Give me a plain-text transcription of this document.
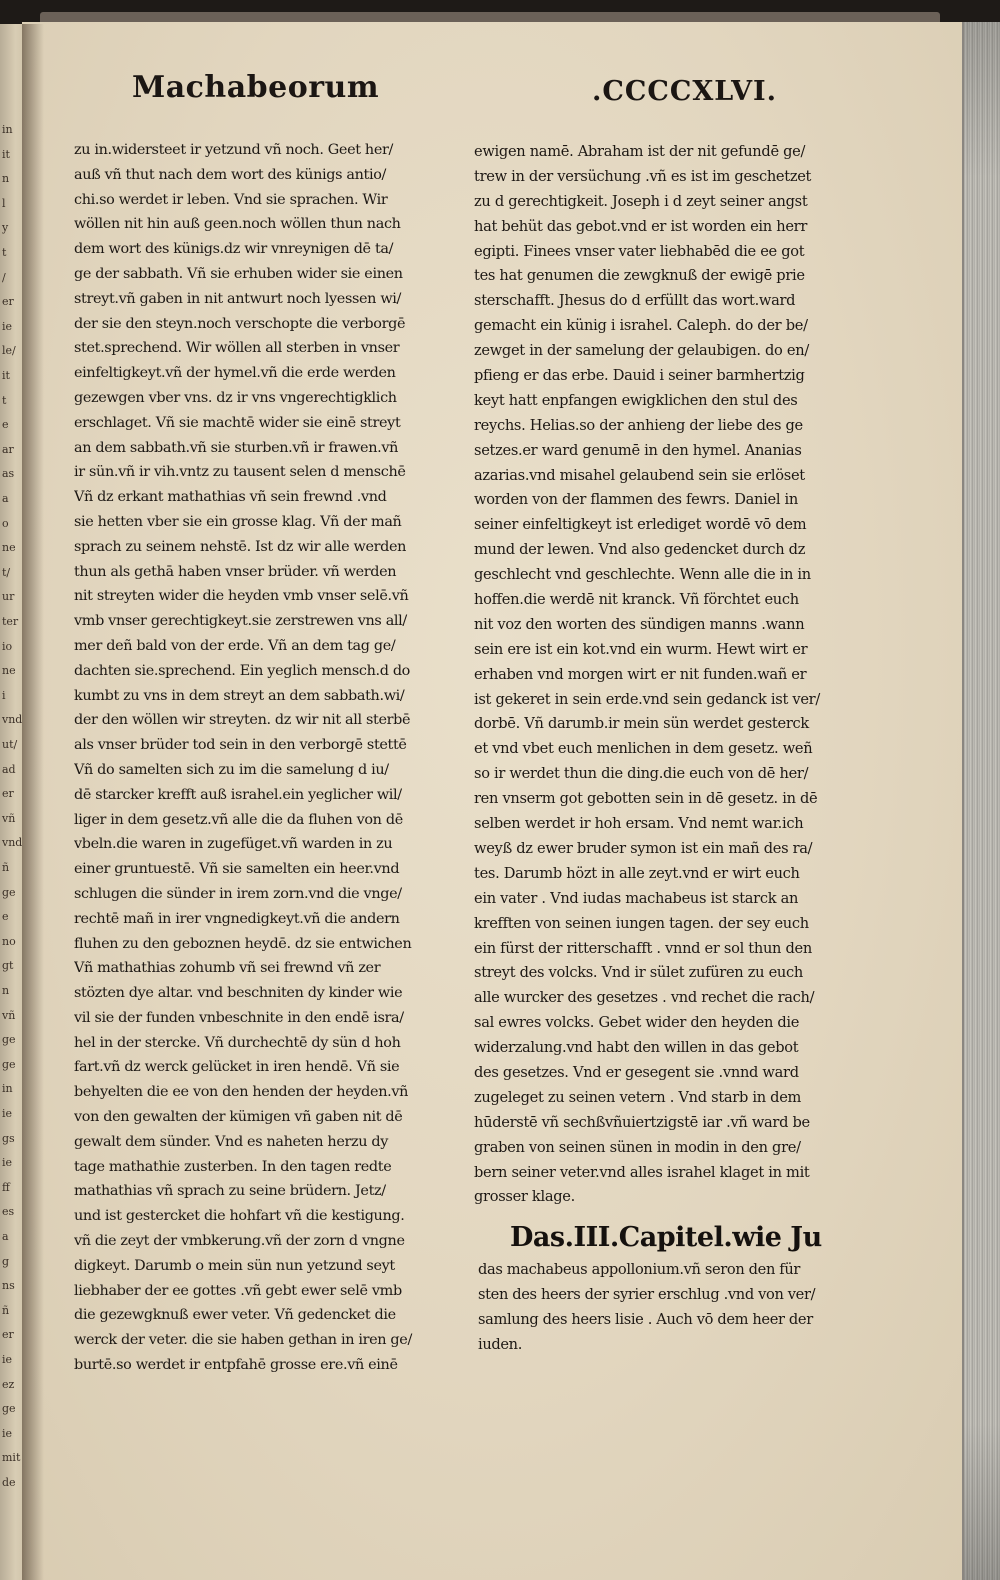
in
it
n
l
y
t
/
er
ie
le/
it
t
e
ar
as
a
o
ne
t/
ur
ter
io
ne
i
vnd
ut/
ad
er
vñ
vnd
ñ
ge
e
no
gt
n
vñ
ge
ge
in
ie
gs
ie
ff
es
a
g
ns
ñ
er
ie
ez
ge
ie
mit
de
Machabeorum	.CCCCXLVI.
zu in.widersteet ir yetzund vñ noch. Geet her/
auß vñ thut nach dem wort des künigs antio/
chi.so werdet ir leben. Vnd sie sprachen. Wir
wöllen nit hin auß geen.noch wöllen thun nach
dem wort des künigs.dz wir vnreynigen dē ta/
ge der sabbath. Vñ sie erhuben wider sie einen
streyt.vñ gaben in nit antwurt noch lyessen wi/
der sie den steyn.noch verschopte die verborgē
stet.sprechend. Wir wöllen all sterben in vnser
einfeltigkeyt.vñ der hymel.vñ die erde werden
gezewgen vber vns. dz ir vns vngerechtigklich
erschlaget. Vñ sie machtē wider sie einē streyt
an dem sabbath.vñ sie sturben.vñ ir frawen.vñ
ir sün.vñ ir vih.vntz zu tausent selen d menschē
Vñ dz erkant mathathias vñ sein frewnd .vnd
sie hetten vber sie ein grosse klag. Vñ der mañ
sprach zu seinem nehstē. Ist dz wir alle werden
thun als gethā haben vnser brüder. vñ werden
nit streyten wider die heyden vmb vnser selē.vñ
vmb vnser gerechtigkeyt.sie zerstrewen vns all/
mer deñ bald von der erde. Vñ an dem tag ge/
dachten sie.sprechend. Ein yeglich mensch.d do
kumbt zu vns in dem streyt an dem sabbath.wi/
der den wöllen wir streyten. dz wir nit all sterbē
als vnser brüder tod sein in den verborgē stettē
Vñ do samelten sich zu im die samelung d iu/
dē starcker krefft auß israhel.ein yeglicher wil/
liger in dem gesetz.vñ alle die da fluhen von dē
vbeln.die waren in zugefüget.vñ warden in zu
einer gruntuestē. Vñ sie samelten ein heer.vnd
schlugen die sünder in irem zorn.vnd die vnge/
rechtē mañ in irer vngnedigkeyt.vñ die andern
fluhen zu den geboznen heydē. dz sie entwichen
Vñ mathathias zohumb vñ sei frewnd vñ zer
stözten dye altar. vnd beschniten dy kinder wie
vil sie der funden vnbeschnite in den endē isra/
hel in der stercke. Vñ durchechtē dy sün d hoh
fart.vñ dz werck gelücket in iren hendē. Vñ sie
behyelten die ee von den henden der heyden.vñ
von den gewalten der kümigen vñ gaben nit dē
gewalt dem sünder. Vnd es naheten herzu dy
tage mathathie zusterben. In den tagen redte
mathathias vñ sprach zu seine brüdern. Jetz/
und ist gestercket die hohfart vñ die kestigung.
vñ die zeyt der vmbkerung.vñ der zorn d vngne
digkeyt. Darumb o mein sün nun yetzund seyt
liebhaber der ee gottes .vñ gebt ewer selē vmb
die gezewgknuß ewer veter. Vñ gedencket die
werck der veter. die sie haben gethan in iren ge/
burtē.so werdet ir entpfahē grosse ere.vñ einē
ewigen namē. Abraham ist der nit gefundē ge/
trew in der versüchung .vñ es ist im geschetzet
zu d gerechtigkeit. Joseph i d zeyt seiner angst
hat behüt das gebot.vnd er ist worden ein herr
egipti. Finees vnser vater liebhabēd die ee got
tes hat genumen die zewgknuß der ewigē prie
sterschafft. Jhesus do d erfüllt das wort.ward
gemacht ein künig i israhel. Caleph. do der be/
zewget in der samelung der gelaubigen. do en/
pfieng er das erbe. Dauid i seiner barmhertzig
keyt hatt enpfangen ewigklichen den stul des
reychs. Helias.so der anhieng der liebe des ge
setzes.er ward genumē in den hymel. Ananias
azarias.vnd misahel gelaubend sein sie erlöset
worden von der flammen des fewrs. Daniel in
seiner einfeltigkeyt ist erlediget wordē vō dem
mund der lewen. Vnd also gedencket durch dz
geschlecht vnd geschlechte. Wenn alle die in in
hoffen.die werdē nit kranck. Vñ förchtet euch
nit voz den worten des sündigen manns .wann
sein ere ist ein kot.vnd ein wurm. Hewt wirt er
erhaben vnd morgen wirt er nit funden.wañ er
ist gekeret in sein erde.vnd sein gedanck ist ver/
dorbē. Vñ darumb.ir mein sün werdet gesterck
et vnd vbet euch menlichen in dem gesetz. weñ
so ir werdet thun die ding.die euch von dē her/
ren vnserm got gebotten sein in dē gesetz. in dē
selben werdet ir hoh ersam. Vnd nemt war.ich
weyß dz ewer bruder symon ist ein mañ des ra/
tes. Darumb hözt in alle zeyt.vnd er wirt euch
ein vater . Vnd iudas machabeus ist starck an
krefften von seinen iungen tagen. der sey euch
ein fürst der ritterschafft . vnnd er sol thun den
streyt des volcks. Vnd ir sület zufüren zu euch
alle wurcker des gesetzes . vnd rechet die rach/
sal ewres volcks. Gebet wider den heyden die
widerzalung.vnd habt den willen in das gebot
des gesetzes. Vnd er gesegent sie .vnnd ward
zugeleget zu seinen vetern . Vnd starb in dem
hūderstē vñ sechßvñuiertzigstē iar .vñ ward be
graben von seinen sünen in modin in den gre/
bern seiner veter.vnd alles israhel klaget in mit
grosser klage.
Das.III.Capitel.wie Ju
das machabeus appollonium.vñ seron den für
sten des heers der syrier erschlug .vnd von ver/
samlung des heers lisie . Auch vō dem heer der
iuden.
